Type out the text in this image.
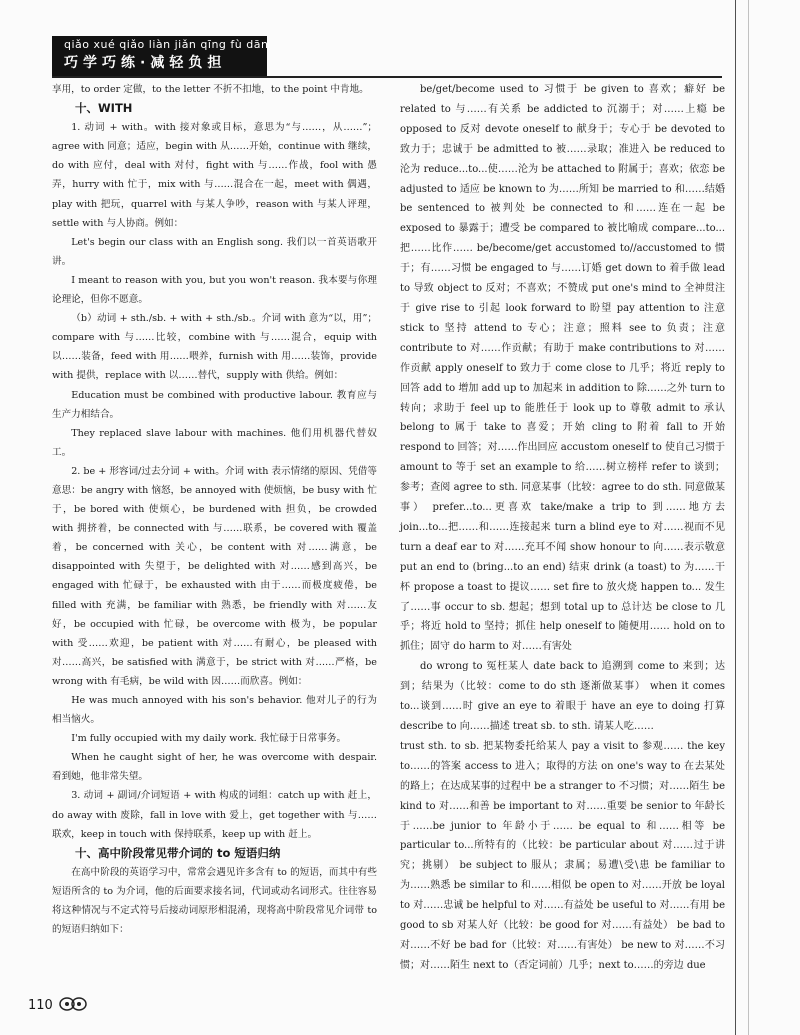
qiǎo xué qiǎo liàn jiǎn qīng fù dān
巧学巧练·减轻负担

享用，to order 定做，to the letter 不折不扣地，to the point 中肯地。

十、WITH

1. 动词 + with。with 接对象或目标，意思为“与……，从……”；agree with 同意；适应，begin with 从……开始，continue with 继续，do with 应付，deal with 对付，fight with 与……作战，fool with 愚弄，hurry with 忙于，mix with 与……混合在一起，meet with 偶遇，play with 把玩，quarrel with 与某人争吵，reason with 与某人评理，settle with 与人协商。例如：

Let's begin our class with an English song. 我们以一首英语歌开讲。

I meant to reason with you, but you won't reason. 我本要与你理论理论，但你不愿意。

（b）动词 + sth./sb. + with + sth./sb.。介词 with 意为“以，用”；compare with 与……比较，combine with 与……混合，equip with 以……装备，feed with 用……喂养，furnish with 用……装饰，provide with 提供，replace with 以……替代，supply with 供给。例如：

Education must be combined with productive labour. 教育应与生产力相结合。

They replaced slave labour with machines. 他们用机器代替奴工。

2. be + 形容词/过去分词 + with。介词 with 表示情绪的原因、凭借等意思：be angry with 恼怒，be annoyed with 使烦恼，be busy with 忙于，be bored with 使烦心，be burdened with 担负，be crowded with 拥挤着，be connected with 与……联系，be covered with 覆盖着，be concerned with 关心，be content with 对……满意，be disappointed with 失望于，be delighted with 对……感到高兴，be engaged with 忙碌于，be exhausted with 由于……而极度疲倦，be filled with 充满，be familiar with 熟悉，be friendly with 对……友好，be occupied with 忙碌，be overcome with 极为，be popular with 受……欢迎，be patient with 对……有耐心，be pleased with 对……高兴，be satisfied with 满意于，be strict with 对……严格，be wrong with 有毛病，be wild with 因……而欣喜。例如：

He was much annoyed with his son's behavior. 他对儿子的行为相当恼火。

I'm fully occupied with my daily work. 我忙碌于日常事务。

When he caught sight of her, he was overcome with despair. 看到她，他非常失望。

3. 动词 + 副词/介词短语 + with 构成的词组：catch up with 赶上，do away with 废除，fall in love with 爱上，get together with 与……联欢，keep in touch with 保持联系，keep up with 赶上。

十、高中阶段常见带介词的 to 短语归纳

在高中阶段的英语学习中，常常会遇见许多含有 to 的短语，而其中有些短语所含的 to 为介词，他的后面要求接名词，代词或动名词形式。往往容易将这种情况与不定式符号后接动词原形相混淆，现将高中阶段常见介词带 to 的短语归纳如下：

be/get/become used to 习惯于 be given to 喜欢；癖好 be related to 与……有关系 be addicted to 沉溺于；对……上瘾 be opposed to 反对 devote oneself to 献身于；专心于 be devoted to 致力于；忠诚于 be admitted to 被……录取；准进入 be reduced to 沦为 reduce...to...使……沦为 be attached to 附属于；喜欢；依恋 be adjusted to 适应 be known to 为……所知 be married to 和……结婚 be sentenced to 被判处 be connected to 和……连在一起 be exposed to 暴露于；遭受 be compared to 被比喻成 compare...to...把……比作…… be/become/get accustomed to//accustomed to 惯于；有……习惯 be engaged to 与……订婚 get down to 着手做 lead to 导致 object to 反对；不喜欢；不赞成 put one's mind to 全神贯注于 give rise to 引起 look forward to 盼望 pay attention to 注意 stick to 坚持 attend to 专心；注意；照料 see to 负责；注意 contribute to 对……作贡献；有助于 make contributions to 对……作贡献 apply oneself to 致力于 come close to 几乎；将近 reply to 回答 add to 增加 add up to 加起来 in addition to 除……之外 turn to 转向；求助于 feel up to 能胜任于 look up to 尊敬 admit to 承认 belong to 属于 take to 喜爱；开始 cling to 附着 fall to 开始 respond to 回答；对……作出回应 accustom oneself to 使自己习惯于 amount to 等于 set an example to 给……树立榜样 refer to 谈到；参考；查阅 agree to sth. 同意某事（比较：agree to do sth. 同意做某事） prefer...to...更喜欢 take/make a trip to 到……地方去 join...to...把……和……连接起来 turn a blind eye to 对……视而不见 turn a deaf ear to 对……充耳不闻 show honour to 向……表示敬意 put an end to (bring...to an end) 结束 drink (a toast) to 为……干杯 propose a toast to 提议…… set fire to 放火烧 happen to... 发生了……事 occur to sb. 想起；想到 total up to 总计达 be close to 几乎；将近 hold to 坚持；抓住 help oneself to 随便用…… hold on to 抓住；固守 do harm to 对……有害处

do wrong to 冤枉某人 date back to 追溯到 come to 来到；达到；结果为（比较：come to do sth 逐渐做某事） when it comes to...谈到……时 give an eye to 着眼于 have an eye to doing 打算 describe to 向……描述 treat sb. to sth. 请某人吃……

trust sth. to sb. 把某物委托给某人 pay a visit to 参观…… the key to……的答案 access to 进入；取得的方法 on one's way to 在去某处的路上；在达成某事的过程中 be a stranger to 不习惯；对……陌生 be kind to 对……和善 be important to 对……重要 be senior to 年龄长于……be junior to 年龄小于…… be equal to 和……相等 be particular to...所特有的（比较：be particular about 对……过于讲究；挑剔） be subject to 服从；隶属；易遭\受\患 be familiar to 为……熟悉 be similar to 和……相似 be open to 对……开放 be loyal to 对……忠诚 be helpful to 对……有益处 be useful to 对……有用 be good to sb 对某人好（比较：be good for 对……有益处） be bad to 对……不好 be bad for（比较：对……有害处） be new to 对……不习惯；对……陌生 next to（否定词前）几乎；next to……的旁边 due

110
